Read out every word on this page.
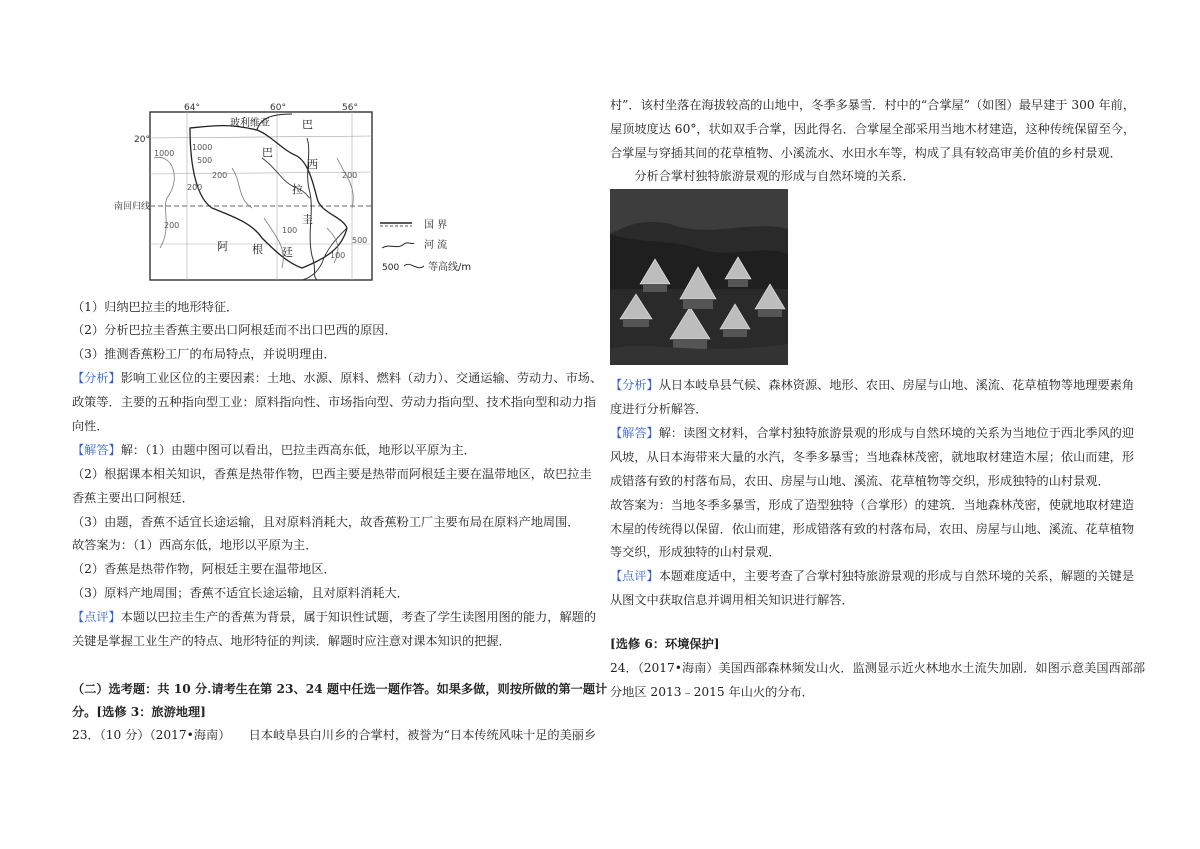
64°	60°	56°
20°
南回归线
玻利维亚	巴
巴
西
拉
圭
阿 根 廷
1000
500
200
1000
200
200
100
500
100
200	国 界
河 流
500	等高线/m
（1）归纳巴拉圭的地形特征．
（2）分析巴拉圭香蕉主要出口阿根廷而不出口巴西的原因．
（3）推测香蕉粉工厂的布局特点，并说明理由．
【分析】影响工业区位的主要因素：土地、水源、原料、燃料（动力）、交通运输、劳动力、市场、
政策等．主要的五种指向型工业：原料指向性、市场指向型、劳动力指向型、技术指向型和动力指
向性．
【解答】解：（1）由题中图可以看出，巴拉圭西高东低，地形以平原为主．
（2）根据课本相关知识，香蕉是热带作物，巴西主要是热带而阿根廷主要在温带地区，故巴拉圭
香蕉主要出口阿根廷．
（3）由题，香蕉不适宜长途运输，且对原料消耗大，故香蕉粉工厂主要布局在原料产地周围．
故答案为：（1）西高东低，地形以平原为主．
（2）香蕉是热带作物，阿根廷主要在温带地区．
（3）原料产地周围；香蕉不适宜长途运输，且对原料消耗大．
【点评】本题以巴拉圭生产的香蕉为背景，属于知识性试题，考查了学生读图用图的能力，解题的
关键是掌握工业生产的特点、地形特征的判读．解题时应注意对课本知识的把握．
（二）选考题：共 10 分.请考生在第 23、24 题中任选一题作答。如果多做，则按所做的第一题计
分。[选修 3：旅游地理]
23．（10 分）（2017•海南）　　日本岐阜县白川乡的合掌村，被誉为“日本传统风味十足的美丽乡
村”．该村坐落在海拔较高的山地中，冬季多暴雪．村中的“合掌屋”（如图）最早建于 300 年前，
屋顶坡度达 60°，状如双手合掌，因此得名．合掌屋全部采用当地木材建造，这种传统保留至今，
合掌屋与穿插其间的花草植物、小溪流水、水田水车等，构成了具有较高审美价值的乡村景观．
　　分析合掌村独特旅游景观的形成与自然环境的关系．
【分析】从日本岐阜县气候、森林资源、地形、农田、房屋与山地、溪流、花草植物等地理要素角
度进行分析解答．
【解答】解：读图文材料，合掌村独特旅游景观的形成与自然环境的关系为当地位于西北季风的迎
风坡，从日本海带来大量的水汽，冬季多暴雪；当地森林茂密，就地取材建造木屋；依山而建，形
成错落有致的村落布局，农田、房屋与山地、溪流、花草植物等交织，形成独特的山村景观．
故答案为：当地冬季多暴雪，形成了造型独特（合掌形）的建筑．当地森林茂密，使就地取材建造
木屋的传统得以保留．依山而建，形成错落有致的村落布局，农田、房屋与山地、溪流、花草植物
等交织，形成独特的山村景观．
【点评】本题难度适中，主要考查了合掌村独特旅游景观的形成与自然环境的关系，解题的关键是
从图文中获取信息并调用相关知识进行解答．
[选修 6：环境保护]
24．（2017•海南）美国西部森林频发山火．监测显示近火林地水土流失加剧．如图示意美国西部部
分地区 2013﹣2015 年山火的分布．
